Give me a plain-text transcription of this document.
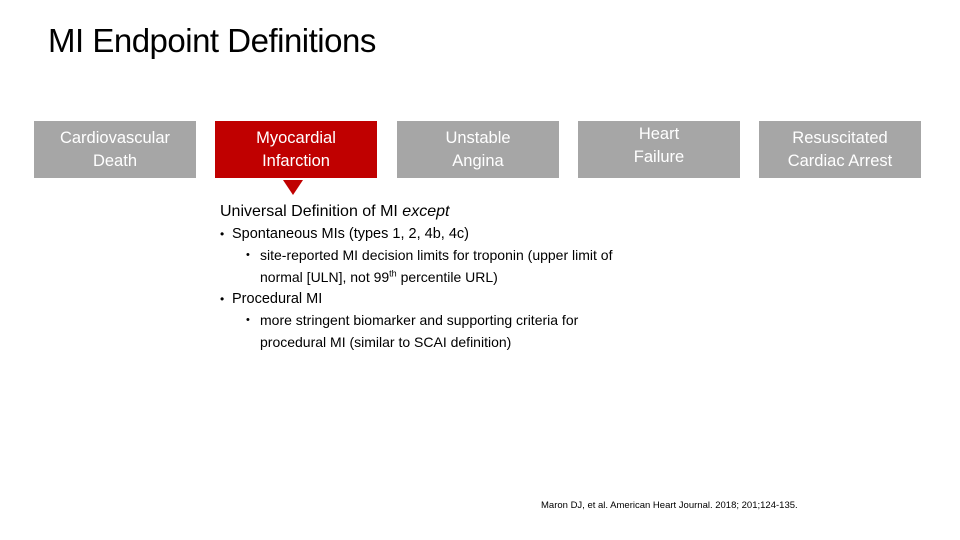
MI Endpoint Definitions
Cardiovascular
Death
Myocardial
Infarction
Unstable
Angina
Heart
Failure
Resuscitated
Cardiac Arrest
Universal Definition of MI except
• Spontaneous MIs (types 1, 2, 4b, 4c)
• site-reported MI decision limits for troponin (upper limit of normal [ULN], not 99th percentile URL)
• Procedural MI
• more stringent biomarker and supporting criteria for procedural MI (similar to SCAI definition)
Maron DJ, et al. American Heart Journal. 2018; 201;124-135.
